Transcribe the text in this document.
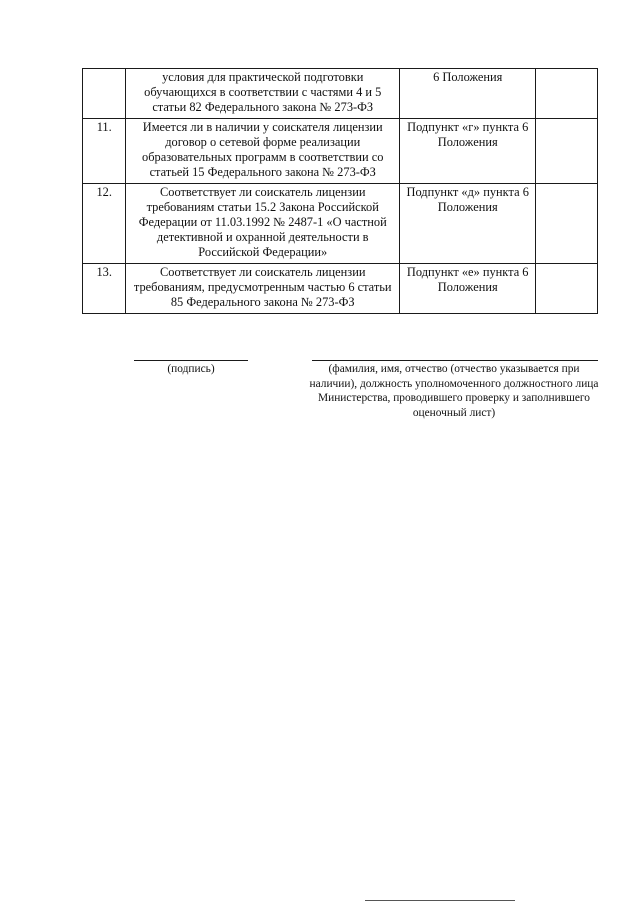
	условия для практической подготовки обучающихся в соответствии с частями 4 и 5 статьи 82 Федерального закона № 273-ФЗ	6 Положения	
11.	Имеется ли в наличии у соискателя лицензии договор о сетевой форме реализации образовательных программ в соответствии со статьей 15 Федерального закона № 273-ФЗ	Подпункт «г» пункта 6 Положения	
12.	Соответствует ли соискатель лицензии требованиям статьи 15.2 Закона Российской Федерации от 11.03.1992 № 2487-1 «О частной детективной и охранной деятельности в Российской Федерации»	Подпункт «д» пункта 6 Положения	
13.	Соответствует ли соискатель лицензии требованиям, предусмотренным частью 6 статьи 85 Федерального закона № 273-ФЗ	Подпункт «е» пункта 6 Положения	
(подпись)	(фамилия, имя, отчество (отчество указывается при наличии), должность уполномоченного должностного лица Министерства, проводившего проверку и заполнившего оценочный лист)
